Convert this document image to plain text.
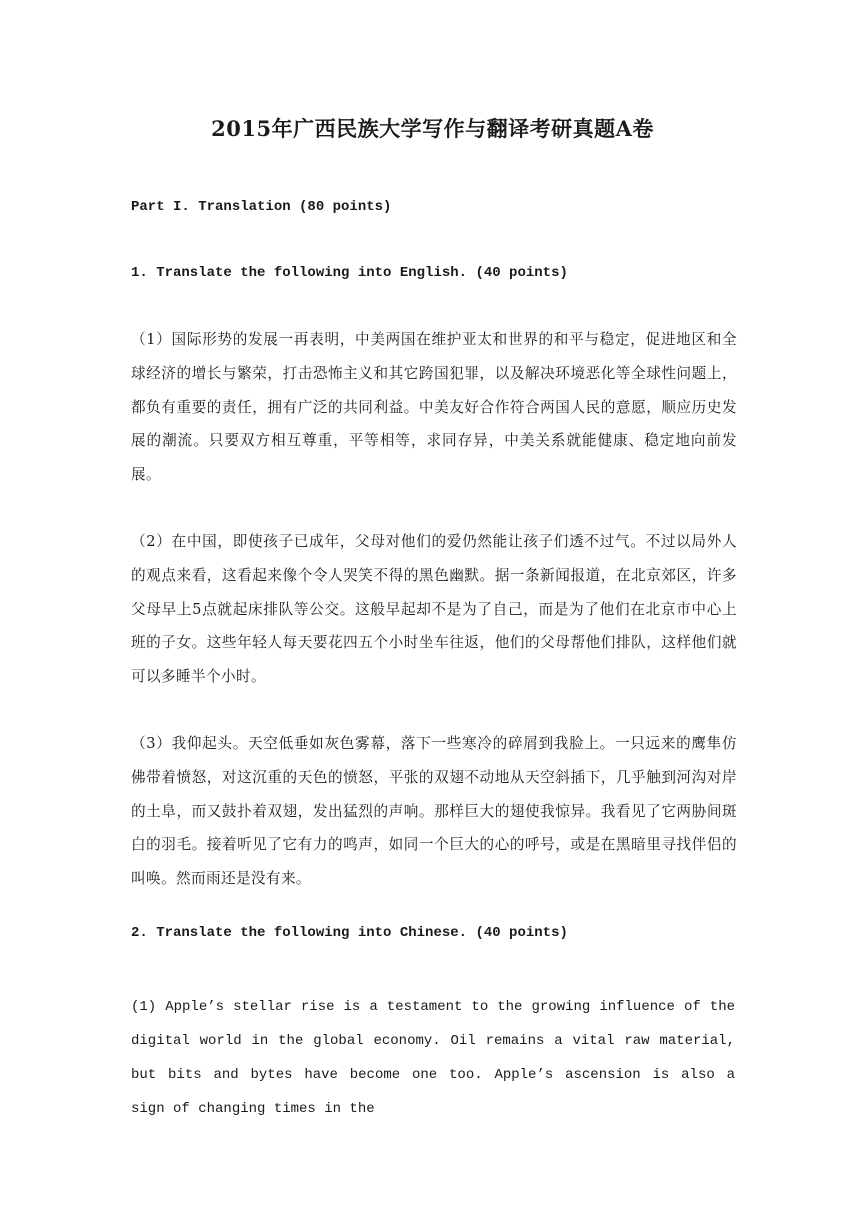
2015年广西民族大学写作与翻译考研真题A卷

Part I. Translation (80 points)

1. Translate the following into English. (40 points)

（1）国际形势的发展一再表明，中美两国在维护亚太和世界的和平与稳定，促进地区和全球经济的增长与繁荣，打击恐怖主义和其它跨国犯罪，以及解决环境恶化等全球性问题上，都负有重要的责任，拥有广泛的共同利益。中美友好合作符合两国人民的意愿，顺应历史发展的潮流。只要双方相互尊重，平等相等，求同存异，中美关系就能健康、稳定地向前发展。

（2）在中国，即使孩子已成年，父母对他们的爱仍然能让孩子们透不过气。不过以局外人的观点来看，这看起来像个令人哭笑不得的黑色幽默。据一条新闻报道，在北京郊区，许多父母早上5点就起床排队等公交。这般早起却不是为了自己，而是为了他们在北京市中心上班的子女。这些年轻人每天要花四五个小时坐车往返，他们的父母帮他们排队，这样他们就可以多睡半个小时。

（3）我仰起头。天空低垂如灰色雾幕，落下一些寒冷的碎屑到我脸上。一只远来的鹰隼仿佛带着愤怒，对这沉重的天色的愤怒，平张的双翅不动地从天空斜插下，几乎触到河沟对岸的土阜，而又鼓扑着双翅，发出猛烈的声响。那样巨大的翅使我惊异。我看见了它两胁间斑白的羽毛。接着听见了它有力的鸣声，如同一个巨大的心的呼号，或是在黑暗里寻找伴侣的叫唤。然而雨还是没有来。

2. Translate the following into Chinese. (40 points)

(1) Apple’s stellar rise is a testament to the growing influence of the digital world in the global economy. Oil remains a vital raw material, but bits and bytes have become one too. Apple’s ascension is also a sign of changing times in the
